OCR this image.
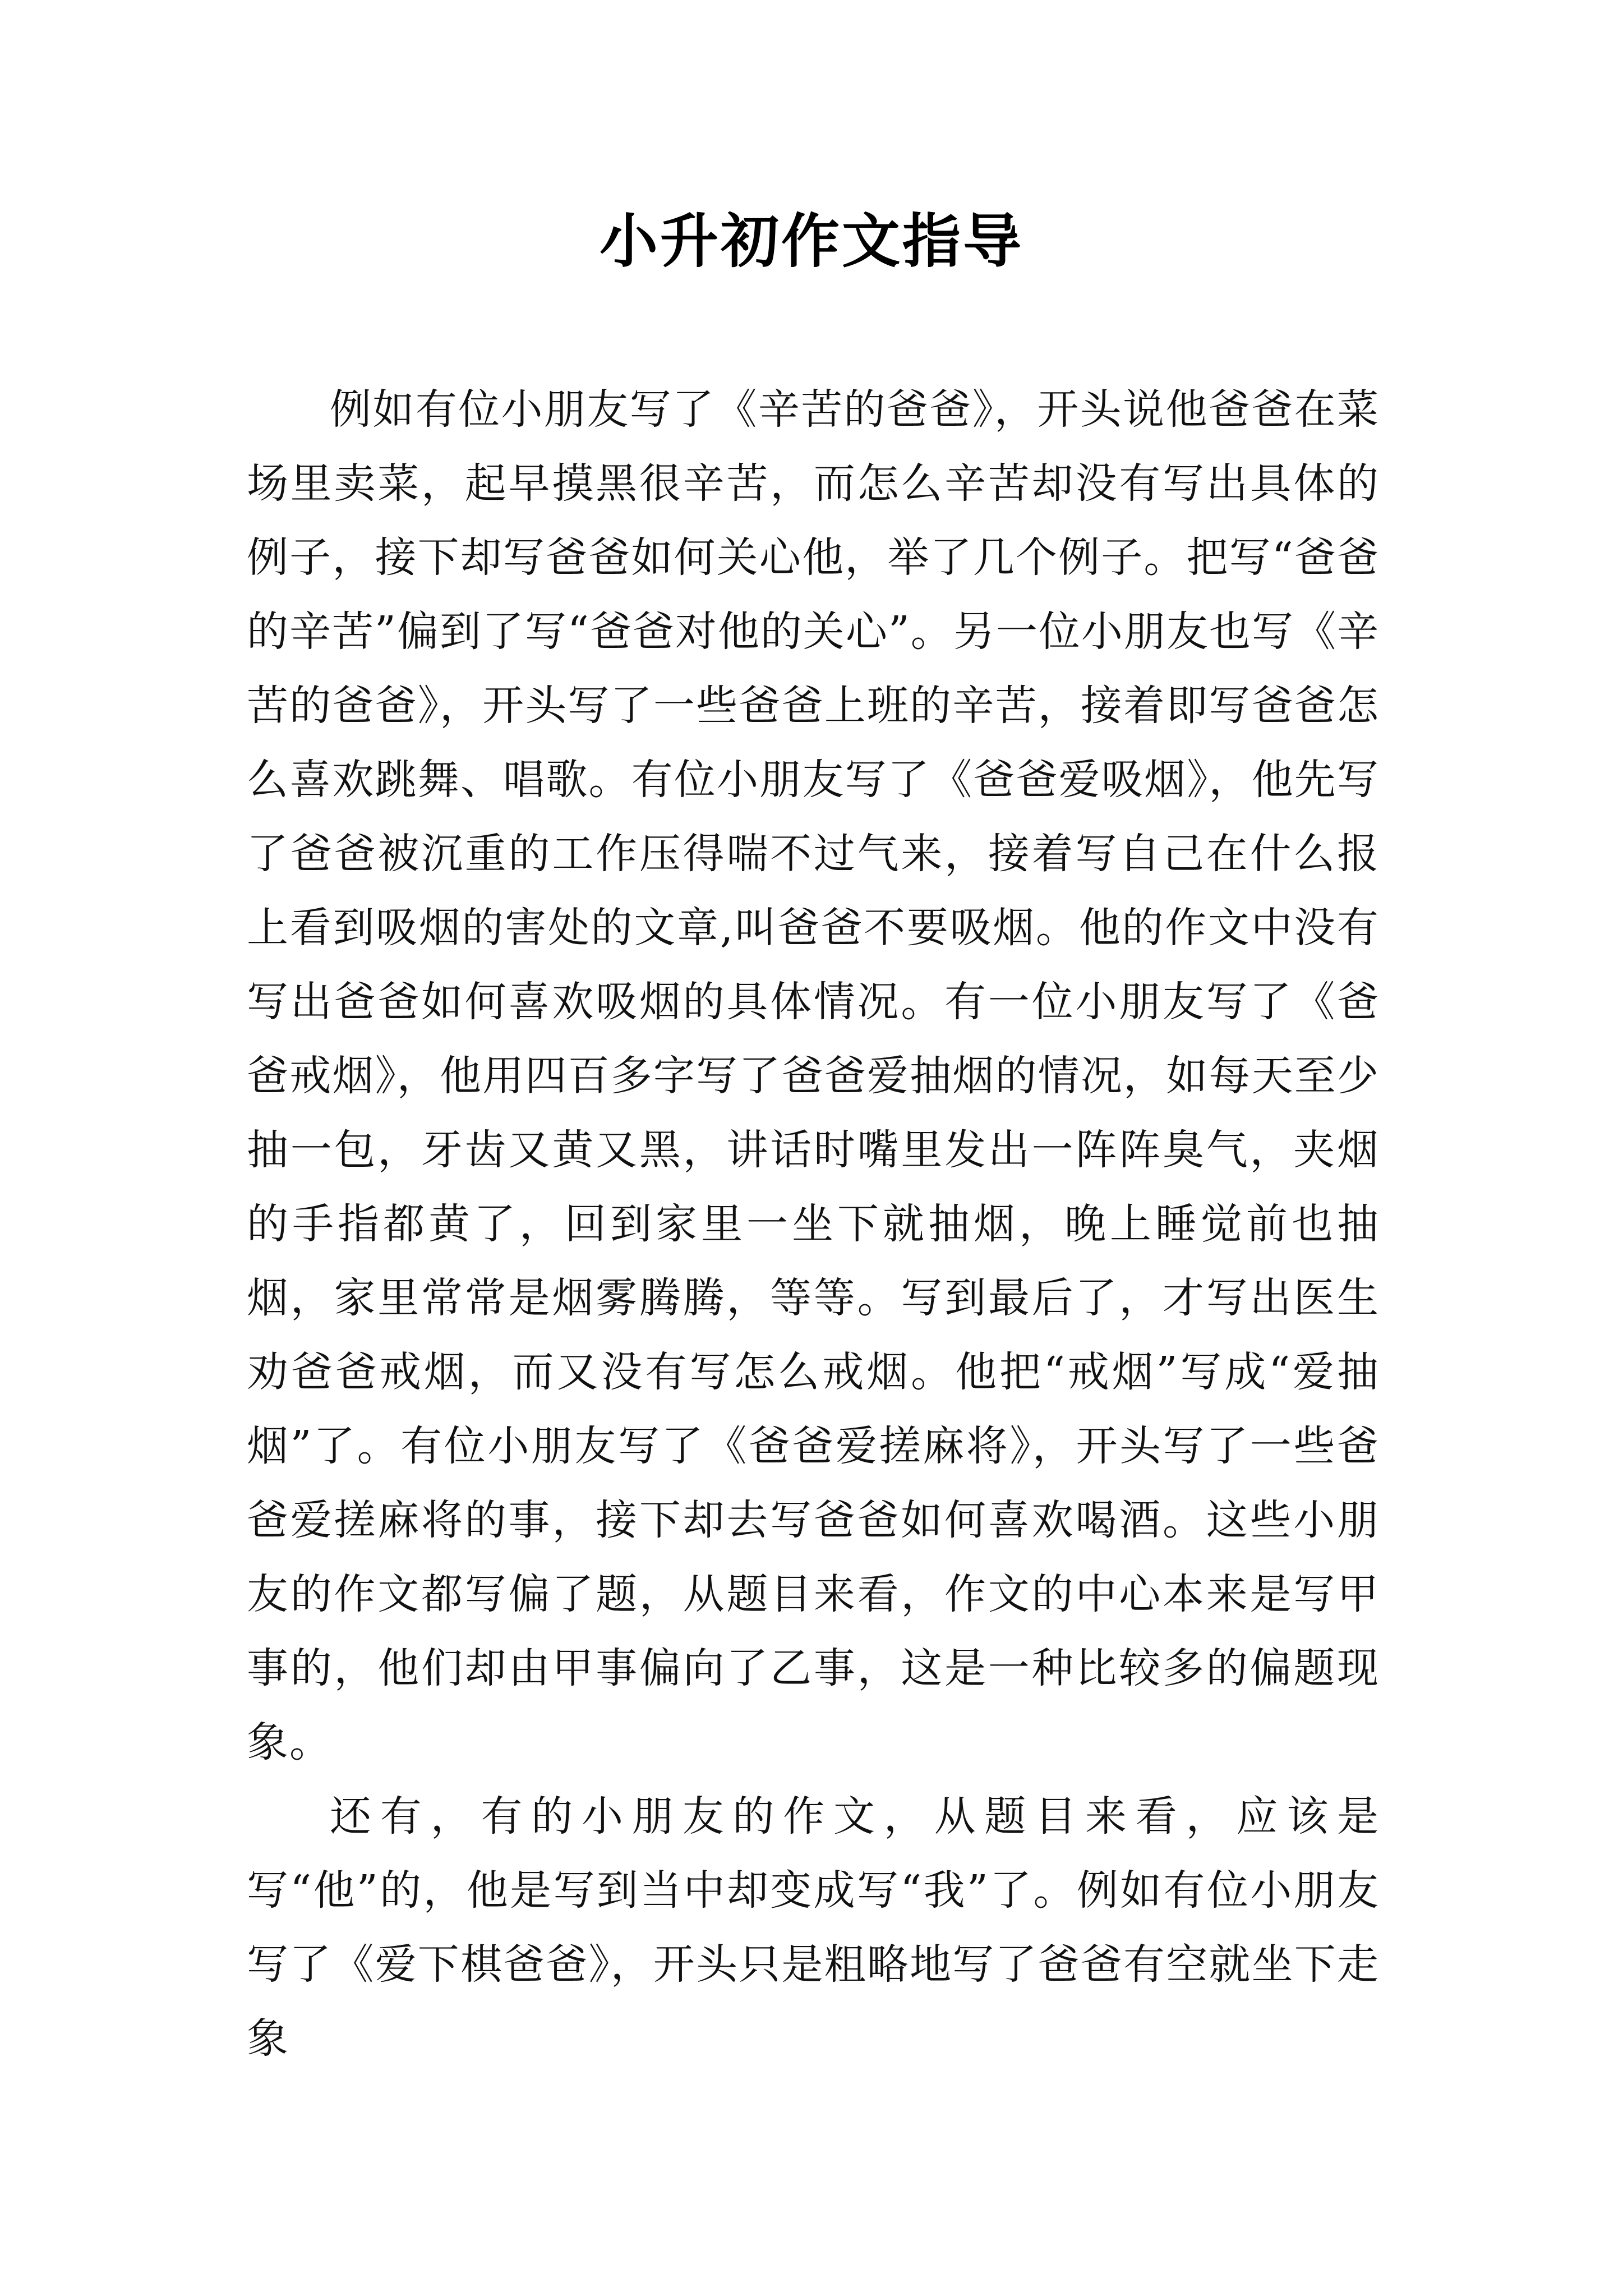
小升初作文指导

例如有位小朋友写了《辛苦的爸爸》，开头说他爸爸在菜场里卖菜，起早摸黑很辛苦，而怎么辛苦却没有写出具体的例子，接下却写爸爸如何关心他，举了几个例子。把写“爸爸的辛苦”偏到了写“爸爸对他的关心”。另一位小朋友也写《辛苦的爸爸》，开头写了一些爸爸上班的辛苦，接着即写爸爸怎么喜欢跳舞、唱歌。有位小朋友写了《爸爸爱吸烟》，他先写了爸爸被沉重的工作压得喘不过气来，接着写自己在什么报上看到吸烟的害处的文章,叫爸爸不要吸烟。他的作文中没有写出爸爸如何喜欢吸烟的具体情况。有一位小朋友写了《爸爸戒烟》，他用四百多字写了爸爸爱抽烟的情况，如每天至少抽一包，牙齿又黄又黑，讲话时嘴里发出一阵阵臭气，夹烟的手指都黄了，回到家里一坐下就抽烟，晚上睡觉前也抽烟，家里常常是烟雾腾腾，等等。写到最后了，才写出医生劝爸爸戒烟，而又没有写怎么戒烟。他把“戒烟”写成“爱抽烟”了。有位小朋友写了《爸爸爱搓麻将》，开头写了一些爸爸爱搓麻将的事，接下却去写爸爸如何喜欢喝酒。这些小朋友的作文都写偏了题，从题目来看，作文的中心本来是写甲事的，他们却由甲事偏向了乙事，这是一种比较多的偏题现象。

还有，有的小朋友的作文，从题目来看，应该是写“他”的，他是写到当中却变成写“我”了。例如有位小朋友写了《爱下棋爸爸》，开头只是粗略地写了爸爸有空就坐下走象
